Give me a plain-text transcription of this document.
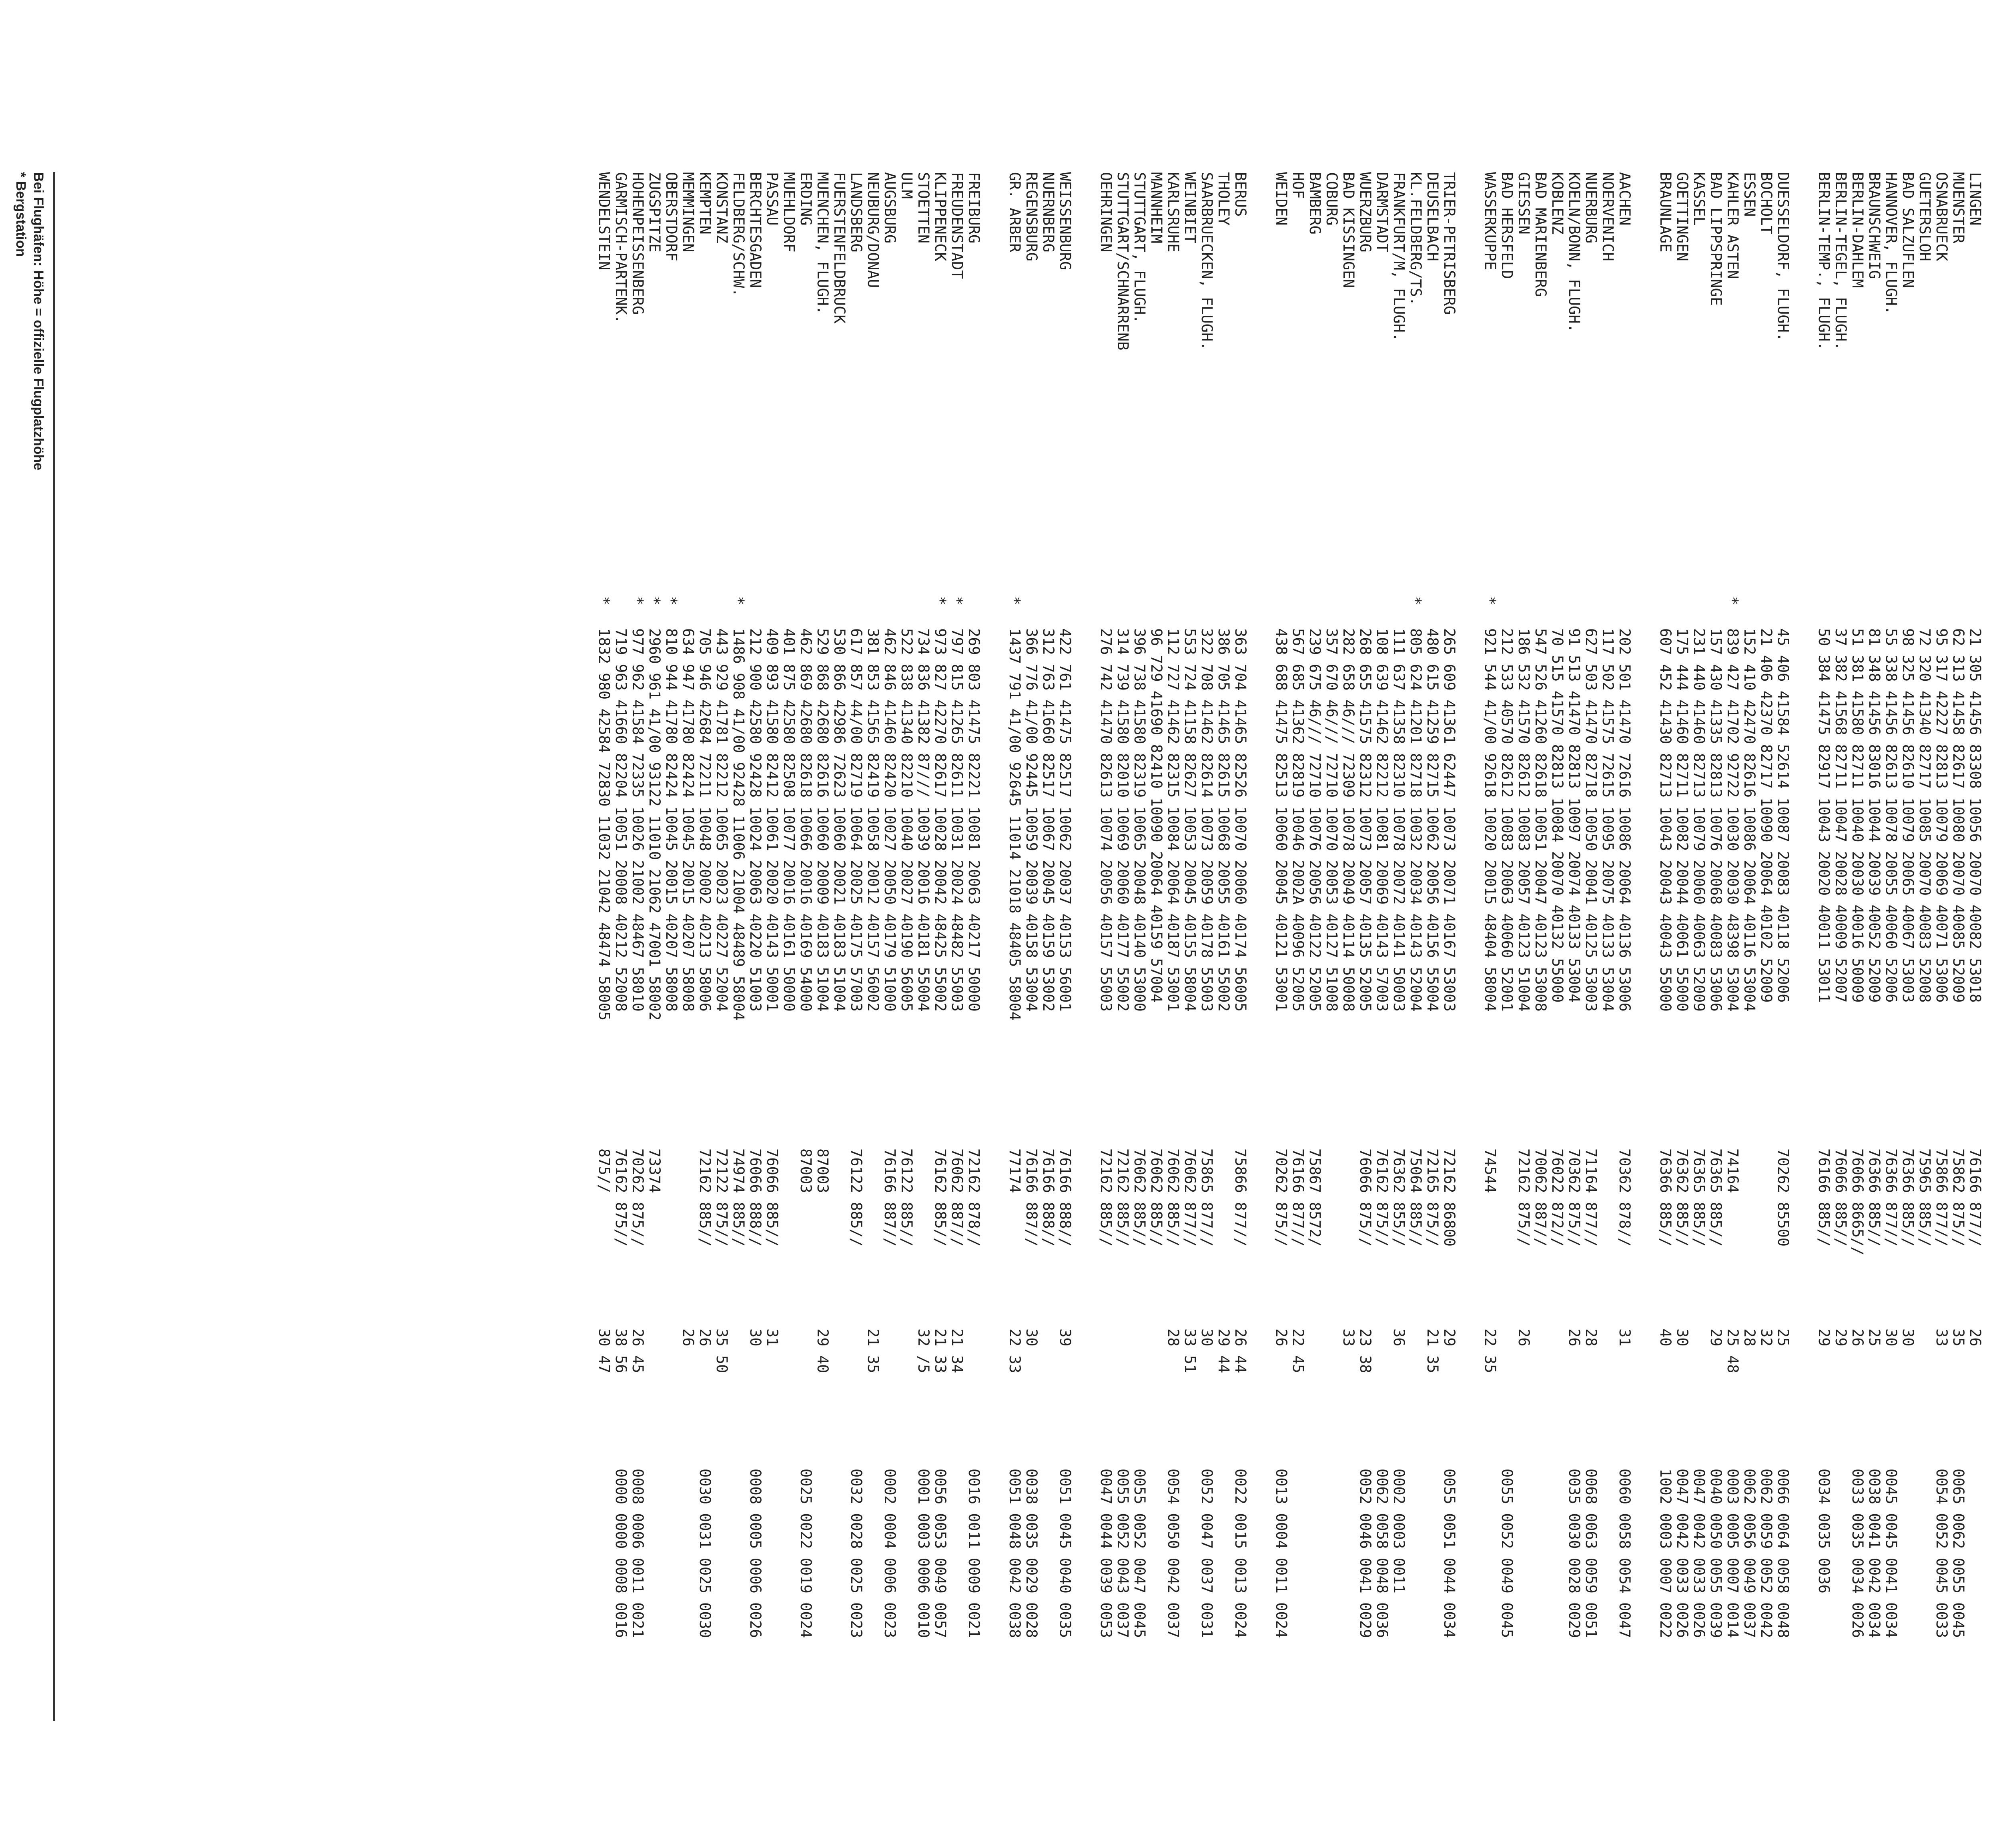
LINGEN
21 305 41456 83308 10056 20070 40082 53018
76166 877//
26
MUENSTER
62 313 41458 82617 10080 20070 40085 52009
75862 875//
35
0065 0062 0055 0045
OSNABRUECK
95 317 42227 82813 10079 20069 40071 53006
75866 877//
33
0054 0052 0045 0033
GUETERSLOH
72 320 41340 82717 10085 20070 40083 52008
75965 885//
BAD SALZUFLEN
98 325 41456 82610 10079 20065 40067 53003
76366 885//
30
HANNOVER, FLUGH.
55 338 41456 82613 10078 20055 40060 52006
76366 877//
30
0045 0045 0041 0034
BRAUNSCHWEIG
81 348 41456 83016 10044 20039 40052 52009
76366 885//
25
0038 0041 0042 0034
BERLIN-DAHLEM
51 381 41580 82711 10040 20030 40016 50009
76066 8665//
26
0033 0035 0034 0026
BERLIN-TEGEL, FLUGH.
37 382 41568 82711 10047 20028 40009 52007
76066 885//
29
BERLIN-TEMP., FLUGH.
50 384 41475 82917 10043 20020 40011 53011
76166 885//
29
0034 0035 0036
DUESSELDORF, FLUGH.
45 406 41584 52614 10087 20083 40118 52006
70262 85500
25
0066 0064 0058 0048
BOCHOLT
21 406 42370 82717 10090 20064 40102 52009
32
0062 0059 0052 0042
ESSEN
152 410 42470 82616 10086 20064 40116 53004
28
0062 0056 0049 0037
KAHLER ASTEN
*
839 427 41702 92722 10030 20030 48398 53004
74164
25 48
0003 0005 0007 0014
BAD LIPPSPRINGE
157 430 41335 82813 10076 20068 40083 53006
76365 885//
29
0040 0050 0055 0039
KASSEL
231 440 41460 82713 10079 20060 40063 52009
76365 885//
0047 0042 0033 0026
GOETTINGEN
175 444 41460 82711 10082 20044 40061 55000
76362 885//
30
0047 0042 0033 0026
BRAUNLAGE
607 452 41430 82713 10043 20043 40043 55000
76366 885//
40
1002 0003 0007 0022
AACHEN
202 501 41470 72616 10086 20064 40136 53006
70362 878//
31
0060 0058 0054 0047
NOERVENICH
117 502 41575 72615 10095 20075 40133 53004
NUERBURG
627 503 41470 82718 10050 20041 40125 53003
71164 877//
28
0068 0063 0059 0051
KOELN/BONN, FLUGH.
91 513 41470 82813 10097 20074 40133 53004
70362 875//
26
0035 0030 0028 0029
KOBLENZ
70 515 41570 82813 10084 20070 40132 55000
76022 872//
BAD MARIENBERG
547 526 41260 82618 10051 20047 40123 53008
70062 887//
GIESSEN
186 532 41570 82612 10083 20057 40123 51004
72162 875//
26
BAD HERSFELD
212 533 40570 82612 10083 20063 40060 52001
0055 0052 0049 0045
WASSERKUPPE
*
921 544 41/00 92618 10020 20015 48404 58004
74544
22 35
TRIER-PETRISBERG
265 609 41361 62447 10073 20071 40167 53003
72162 86800
29
0055 0051 0044 0034
DEUSELBACH
480 615 41259 82715 10062 20056 40156 55004
72165 875//
21 35
KL.FELDBERG/TS.
*
805 624 41201 82718 10032 20034 40143 52004
75064 885//
FRANKFURT/M, FLUGH.
111 637 41358 82310 10078 20072 40141 50003
76362 855//
36
0002 0003 0011
DARMSTADT
108 639 41462 82212 10081 20069 40143 57003
76162 875//
0062 0058 0048 0036
WUERZBURG
268 655 41575 82312 10073 20057 40135 52005
76066 875//
23 38
0052 0046 0041 0029
BAD KISSINGEN
282 658 46/// 72309 10078 20049 40114 50008
33
COBURG
357 670 46/// 72710 10070 20053 40127 51008
BAMBERG
239 675 46/// 72710 10076 20056 40122 52005
75867 8572/
HOF
567 685 41362 82819 10046 2002A 40096 52005
76166 877//
22 45
WEIDEN
438 688 41475 82513 10060 20045 40121 53001
70262 875//
26
0013 0004 0011 0024
BERUS
363 704 41465 82526 10070 20060 40174 56005
75866 877//
26 44
0022 0015 0013 0024
THOLEY
386 705 41465 82615 10068 20055 40161 55002
29 44
SAARBRUECKEN, FLUGH.
322 708 41462 82614 10073 20059 40178 55003
75865 877//
30
0052 0047 0037 0031
WEINBIET
553 724 41158 82627 10053 20045 40155 58004
76062 877//
33 51
KARLSRUHE
112 727 41462 82315 10084 20064 40187 53001
76062 885//
28
0054 0050 0042 0037
MANNHEIM
96 729 41690 82410 10090 20064 40159 57004
76062 885//
STUTTGART, FLUGH.
396 738 41580 82319 10065 20048 40140 53000
76062 885//
0055 0052 0047 0045
STUTTGART/SCHNARRENB
314 739 41580 82010 10069 20060 40177 55002
72162 885//
0055 0052 0043 0037
OEHRINGEN
276 742 41470 82613 10074 20056 40157 55003
72162 885//
0047 0044 0039 0053
WEISSENBURG
422 761 41475 82517 10062 20037 40153 56001
76166 888//
39
0051 0045 0040 0035
NUERNBERG
312 763 41660 82517 10067 20045 40159 53002
76166 888//
REGENSBURG
366 776 41/00 92445 10059 20039 40158 53004
76166 887//
30
0038 0035 0029 0028
GR. ARBER
*
1437 791 41/00 92645 11014 21018 48405 58004
77174
22 33
0051 0048 0042 0038
FREIBURG
269 803 41475 82221 10081 20063 40217 50000
72162 878//
0016 0011 0009 0021
FREUDENSTADT
*
797 815 41265 82611 10031 20024 48482 55003
76062 887//
21 34
KLIPPENECK
*
973 827 42270 82617 10028 20042 48425 55002
76162 885//
21 33
0056 0053 0049 0057
STOETTEN
734 836 41382 87/// 10039 20016 40181 55004
32 /5
0001 0003 0006 0010
ULM
522 838 41340 82210 10040 20027 40190 56005
76122 885//
AUGSBURG
462 846 41460 82420 10027 20050 40179 51000
76166 887//
0002 0004 0006 0023
NEUBURG/DONAU
381 853 41565 82419 10058 20012 40157 56002
21 35
LANDSBERG
617 857 44/00 82719 10064 20025 40175 57003
76122 885//
0032 0028 0025 0023
FUERSTENFELDBRUCK
530 866 42986 72623 10060 20021 40183 51004
MUENCHEN, FLUGH.
529 868 42680 82616 10060 20009 40183 51004
87003
29 40
ERDING
462 869 42680 82618 10066 20016 40169 54000
87003
0025 0022 0019 0024
MUEHLDORF
401 875 42580 82508 10077 20016 40161 50000
PASSAU
409 893 41580 82412 10061 20020 40143 50001
76066 885//
31
BERCHTESGADEN
212 900 42580 92428 10024 20063 40220 51003
76066 888//
30
0008 0005 0006 0026
FELDBERG/SCHW.
*
1486 908 41/00 92428 11006 21004 48489 58004
74974 885//
KONSTANZ
443 929 41781 82212 10065 20023 40227 52004
72122 875//
35 50
KEMPTEN
705 946 42684 72211 10048 20002 40213 58006
72162 885//
26
0030 0031 0025 0030
MEMMINGEN
634 947 41780 82424 10045 20015 40207 58008
26
OBERSTDORF
*
810 944 41780 82424 10045 20015 40207 58008
ZUGSPITZE
*
2960 961 41/00 93122 11010 21062 47001 58002
73374
HOHENPEISSENBERG
*
977 962 41584 72335 10026 21002 48467 58010
70262 875//
26 45
0008 0006 0011 0021
GARMISCH-PARTENK.
719 963 41660 82204 10051 20008 40212 52008
76162 875//
38 56
0000 0000 0008 0016
WENDELSTEIN
*
1832 980 42584 72830 11032 21042 48474 58005
875//
30 47
Bei Flughäfen: Höhe = offizielle Flugplatzhöhe
* Bergstation
